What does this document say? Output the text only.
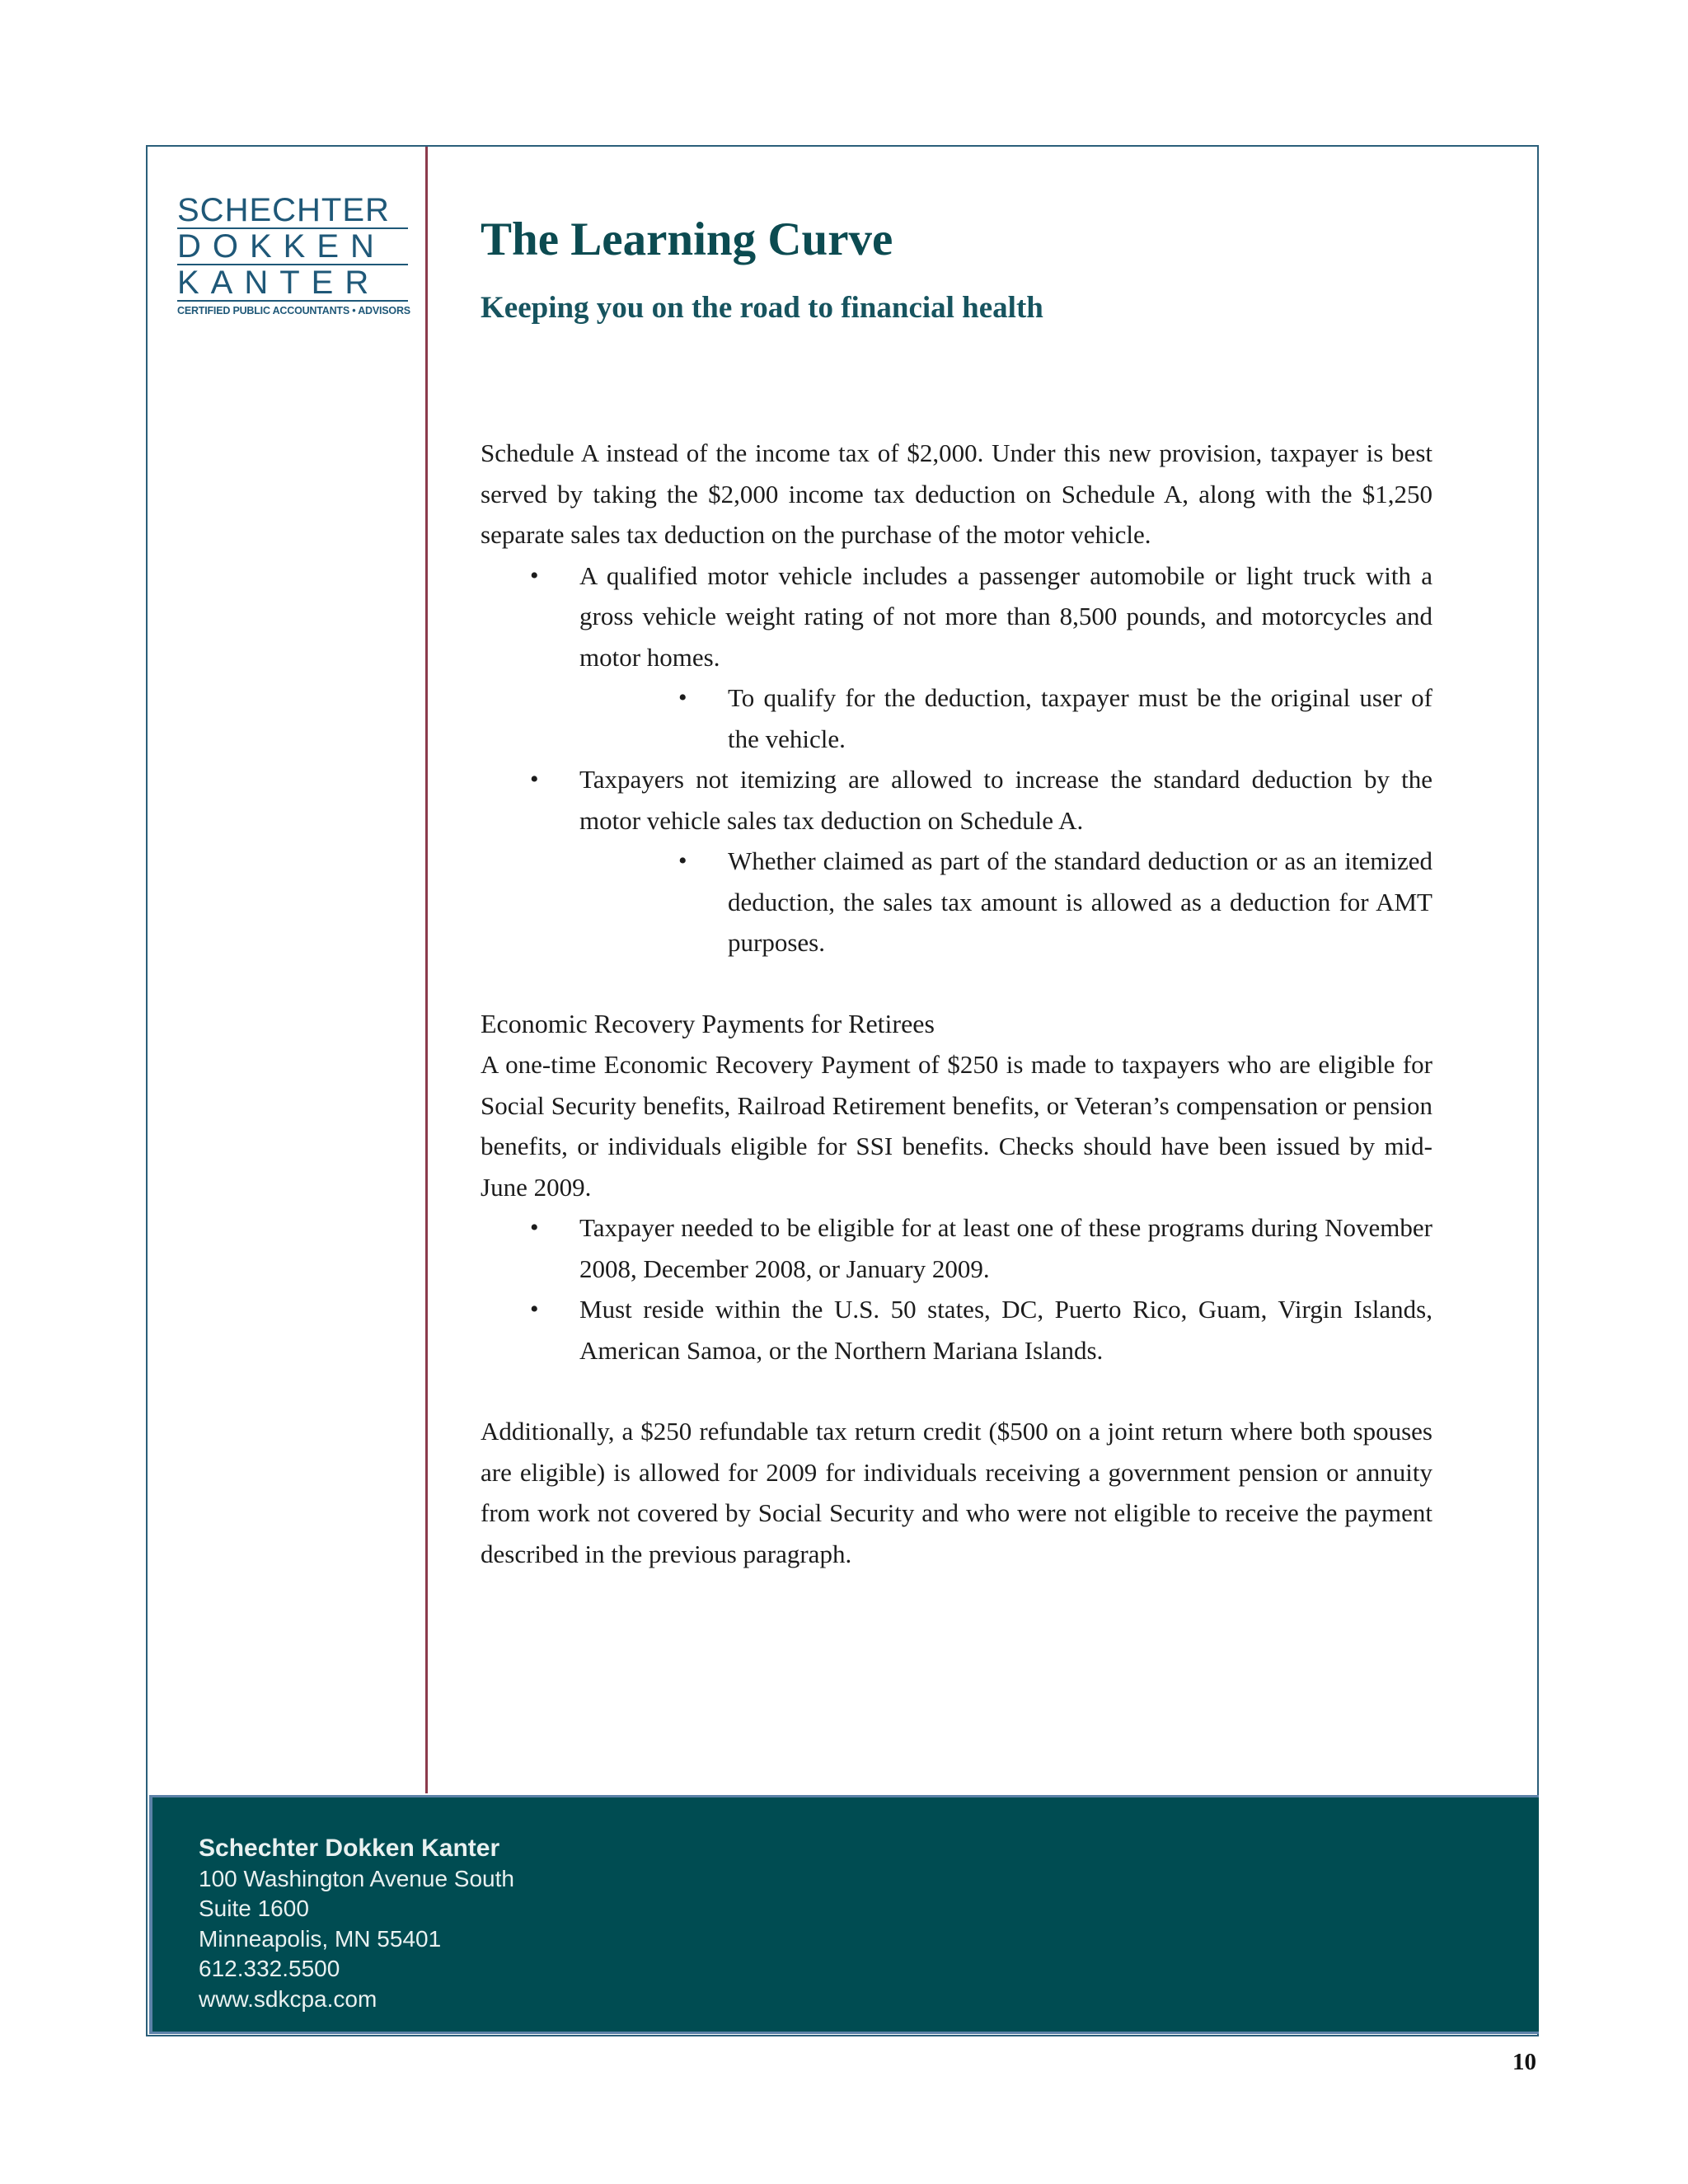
SCHECHTER
DOKKEN
KANTER
CERTIFIED PUBLIC ACCOUNTANTS • ADVISORS
The Learning Curve
Keeping you on the road to financial health

Schedule A instead of the income tax of $2,000. Under this new provision, taxpayer is best served by taking the $2,000 income tax deduction on Schedule A, along with the $1,250 separate sales tax deduction on the purchase of the motor vehicle.

• A qualified motor vehicle includes a passenger automobile or light truck with a gross vehicle weight rating of not more than 8,500 pounds, and motorcycles and motor homes.
• To qualify for the deduction, taxpayer must be the original user of the vehicle.
• Taxpayers not itemizing are allowed to increase the standard deduction by the motor vehicle sales tax deduction on Schedule A.
• Whether claimed as part of the standard deduction or as an itemized deduction, the sales tax amount is allowed as a deduction for AMT purposes.

Economic Recovery Payments for Retirees

A one-time Economic Recovery Payment of $250 is made to taxpayers who are eligible for Social Security benefits, Railroad Retirement benefits, or Veteran’s compensation or pension benefits, or individuals eligible for SSI benefits. Checks should have been issued by mid-June 2009.

• Taxpayer needed to be eligible for at least one of these programs during November 2008, December 2008, or January 2009.
• Must reside within the U.S. 50 states, DC, Puerto Rico, Guam, Virgin Islands, American Samoa, or the Northern Mariana Islands.

Additionally, a $250 refundable tax return credit ($500 on a joint return where both spouses are eligible) is allowed for 2009 for individuals receiving a government pension or annuity from work not covered by Social Security and who were not eligible to receive the payment described in the previous paragraph.

Schechter Dokken Kanter
100 Washington Avenue South
Suite 1600
Minneapolis, MN 55401
612.332.5500
www.sdkcpa.com
10
